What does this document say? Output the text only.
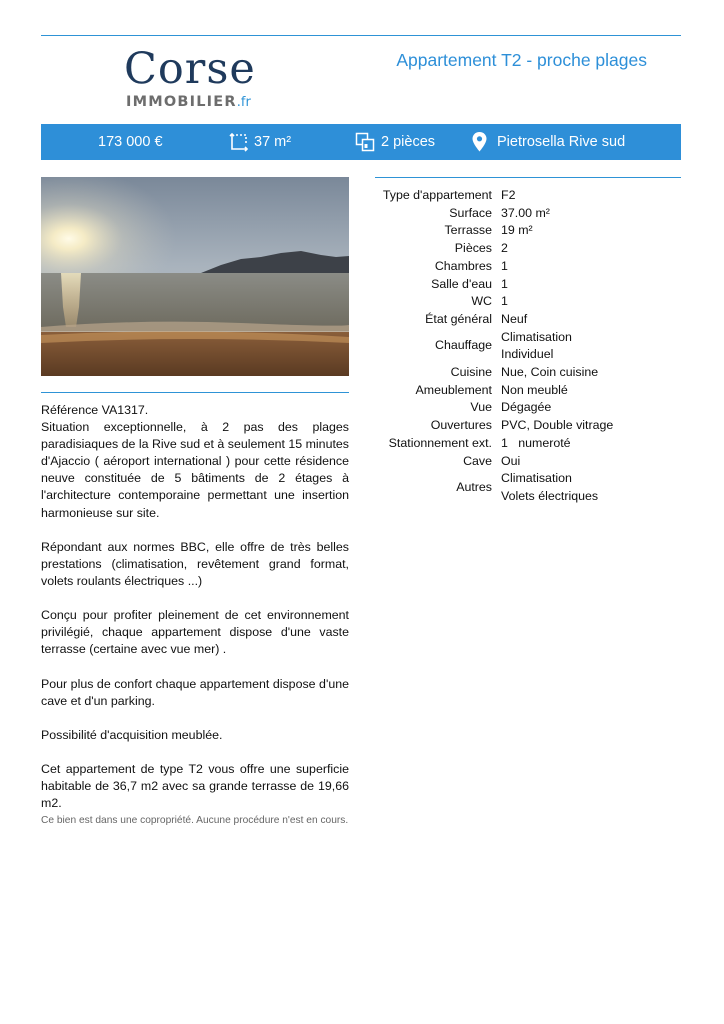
Corse
IMMOBILIER.fr
Appartement T2 - proche plages
173 000 €	37 m²	2 pièces	Pietrosella Rive sud

Référence VA1317.
Situation exceptionnelle, à 2 pas des plages paradisiaques de la Rive sud et à seulement 15 minutes d'Ajaccio ( aéroport international ) pour cette résidence neuve constituée de 5 bâtiments de 2 étages à l'architecture contemporaine permettant une insertion harmonieuse sur site.

Répondant aux normes BBC, elle offre de très belles prestations (climatisation, revêtement grand format, volets roulants électriques ...)

Conçu pour profiter pleinement de cet environnement privilégié, chaque appartement dispose d'une vaste terrasse (certaine avec vue mer) .

Pour plus de confort chaque appartement dispose d'une cave et d'un parking.

Possibilité d'acquisition meublée.

Cet appartement de type T2 vous offre une superficie habitable de 36,7 m2 avec sa grande terrasse de 19,66 m2.

Ce bien est dans une copropriété. Aucune procédure n'est en cours.

Type d'appartement	F2
Surface	37.00 m²
Terrasse	19 m²
Pièces	2
Chambres	1
Salle d'eau	1
WC	1
État général	Neuf
Chauffage	Climatisation
Individuel

Cuisine	Nue, Coin cuisine
Ameublement	Non meublé
Vue	Dégagée
Ouvertures	PVC, Double vitrage
Stationnement ext.	1   numeroté
Cave	Oui
Autres	Climatisation
Volets électriques
